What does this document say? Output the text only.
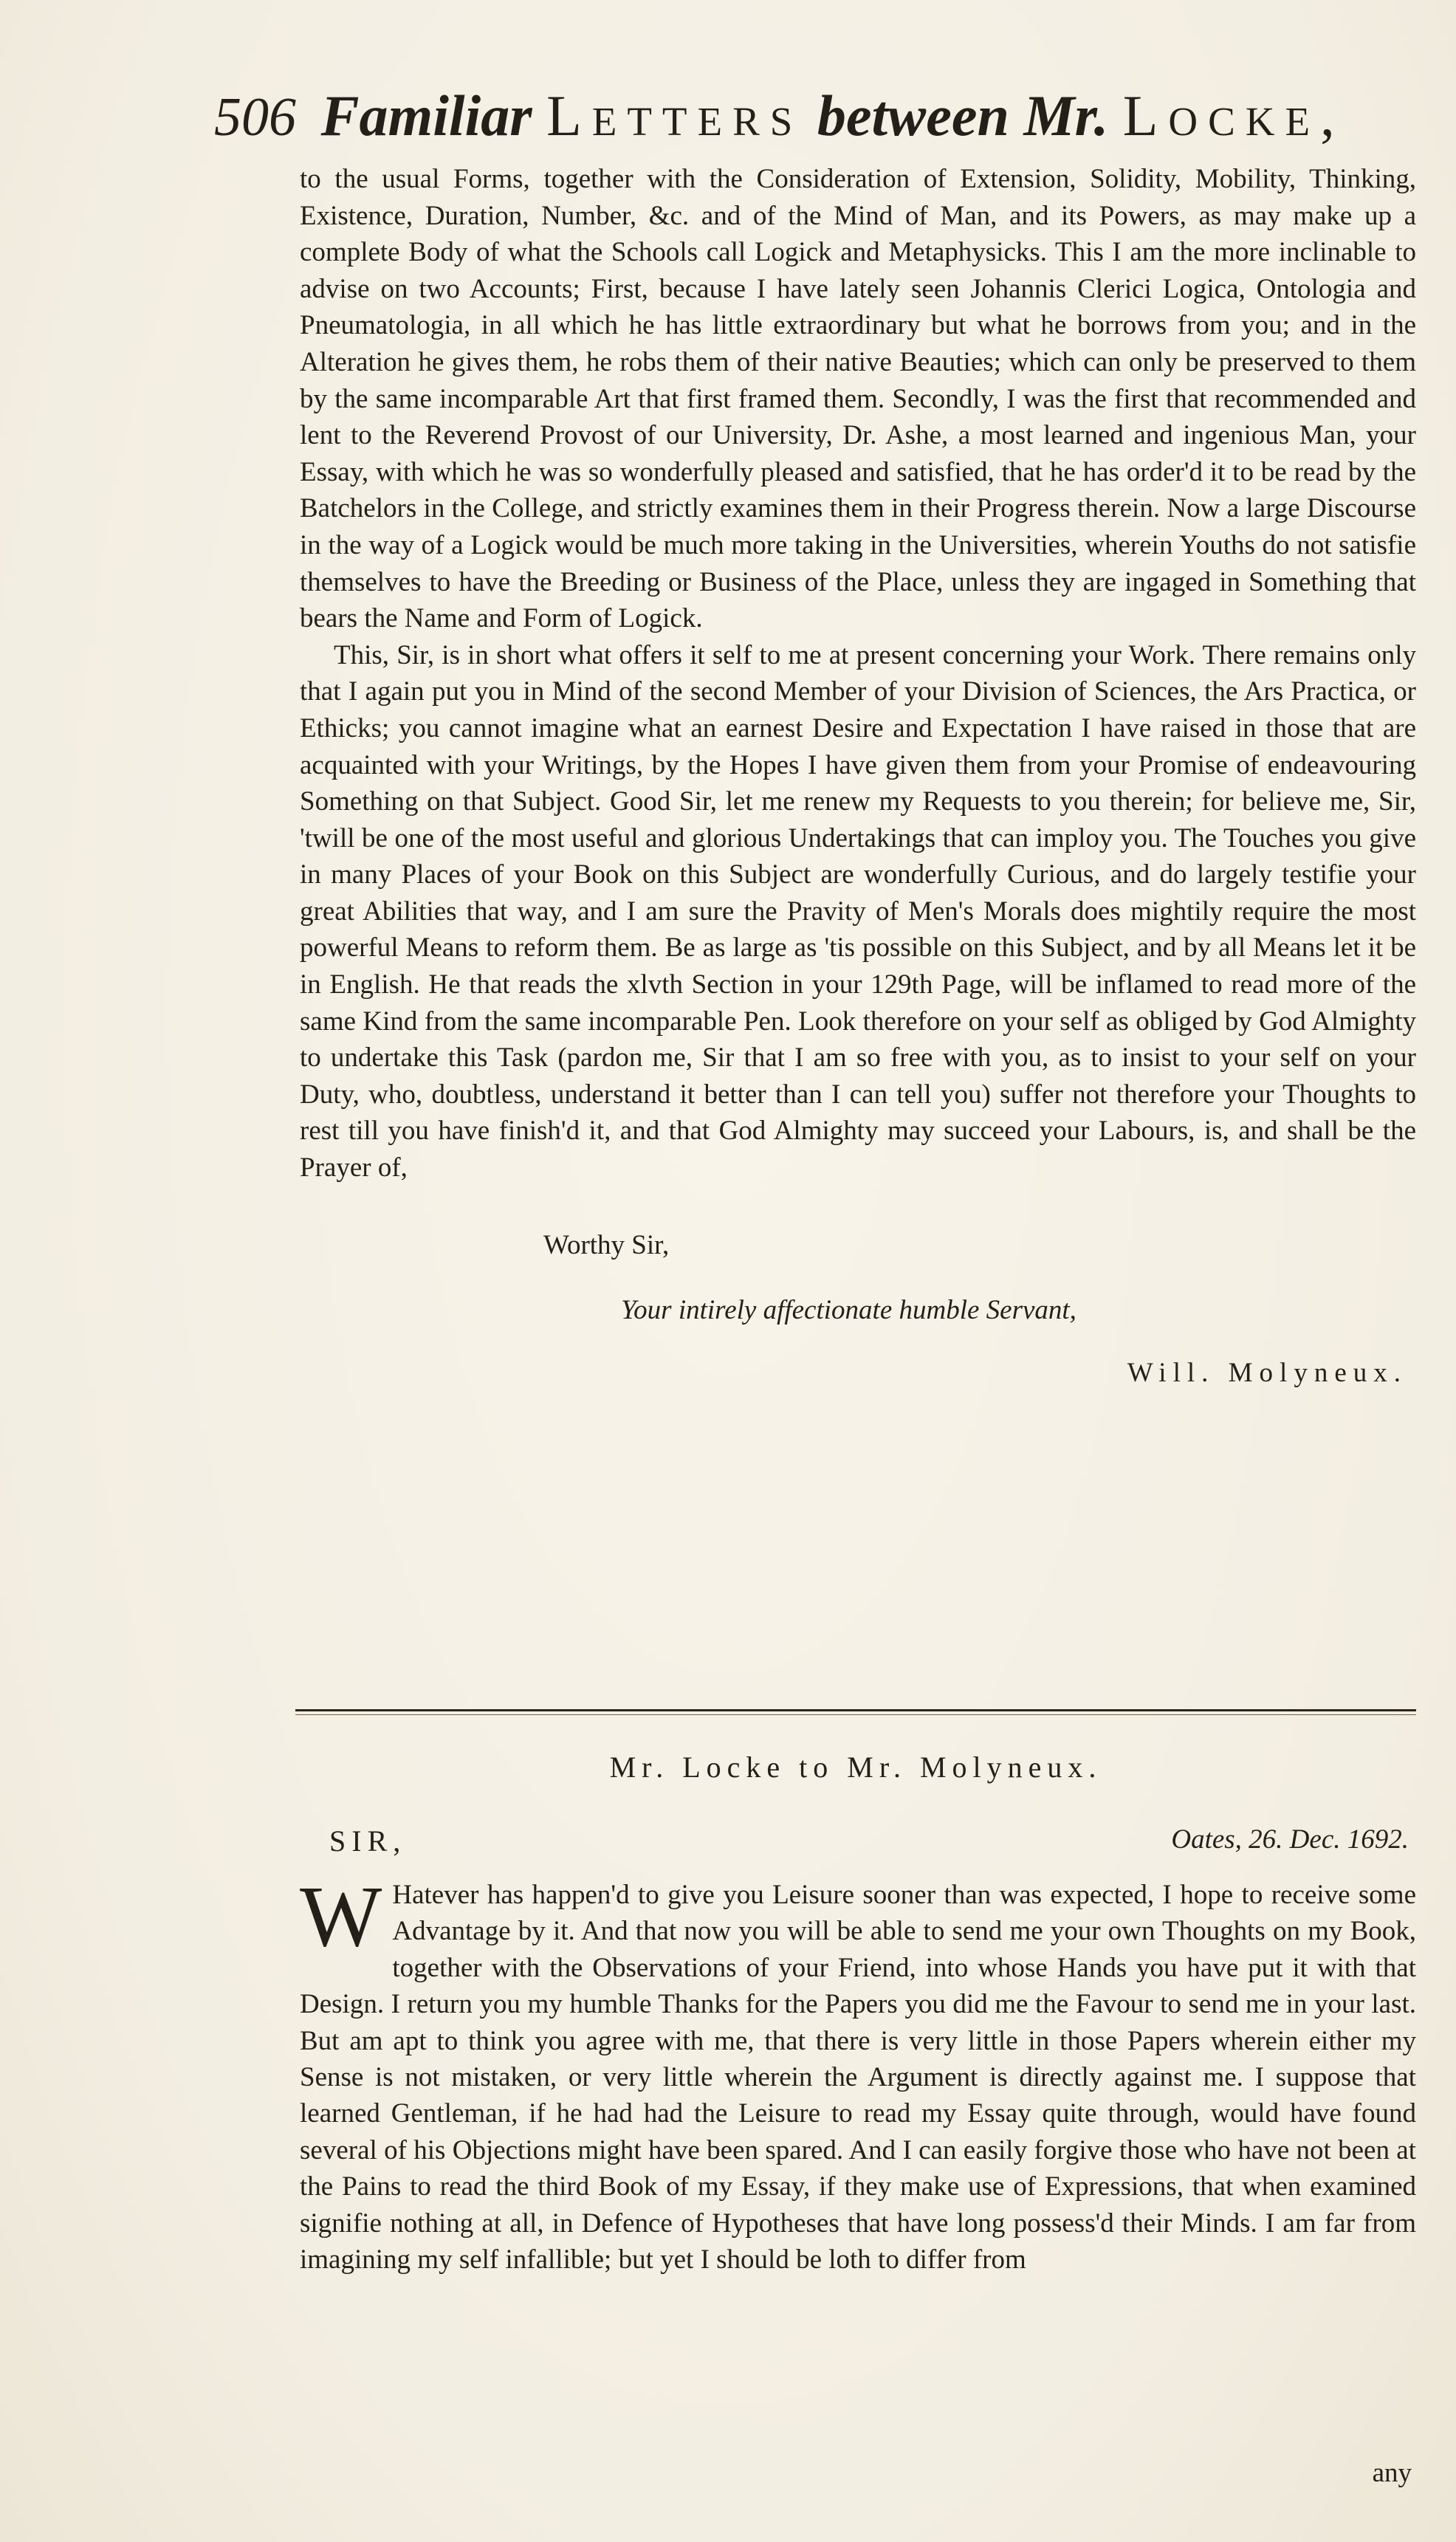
506 Familiar Letters between Mr. Locke,

to the usual Forms, together with the Consideration of Extension, Solidity, Mobility, Thinking, Existence, Duration, Number, &c. and of the Mind of Man, and its Powers, as may make up a complete Body of what the Schools call Logick and Metaphysicks. This I am the more inclinable to advise on two Accounts; First, because I have lately seen Johannis Clerici Logica, Ontologia and Pneumatologia, in all which he has little extraordinary but what he borrows from you; and in the Alteration he gives them, he robs them of their native Beauties; which can only be preserved to them by the same incomparable Art that first framed them. Secondly, I was the first that recommended and lent to the Reverend Provost of our University, Dr. Ashe, a most learned and ingenious Man, your Essay, with which he was so wonderfully pleased and satisfied, that he has order'd it to be read by the Batchelors in the College, and strictly examines them in their Progress therein. Now a large Discourse in the way of a Logick would be much more taking in the Universities, wherein Youths do not satisfie themselves to have the Breeding or Business of the Place, unless they are ingaged in Something that bears the Name and Form of Logick.

This, Sir, is in short what offers it self to me at present concerning your Work. There remains only that I again put you in Mind of the second Member of your Division of Sciences, the Ars Practica, or Ethicks; you cannot imagine what an earnest Desire and Expectation I have raised in those that are acquainted with your Writings, by the Hopes I have given them from your Promise of endeavouring Something on that Subject. Good Sir, let me renew my Requests to you therein; for believe me, Sir, 'twill be one of the most useful and glorious Undertakings that can imploy you. The Touches you give in many Places of your Book on this Subject are wonderfully Curious, and do largely testifie your great Abilities that way, and I am sure the Pravity of Men's Morals does mightily require the most powerful Means to reform them. Be as large as 'tis possible on this Subject, and by all Means let it be in English. He that reads the xlvth Section in your 129th Page, will be inflamed to read more of the same Kind from the same incomparable Pen. Look therefore on your self as obliged by God Almighty to undertake this Task (pardon me, Sir that I am so free with you, as to insist to your self on your Duty, who, doubtless, understand it better than I can tell you) suffer not therefore your Thoughts to rest till you have finish'd it, and that God Almighty may succeed your Labours, is, and shall be the Prayer of,

Worthy Sir,
Your intirely affectionate humble Servant,
Will. Molyneux.
Mr. Locke to Mr. Molyneux.
SIR,	Oates, 26. Dec. 1692.
W Hatever has happen'd to give you Leisure sooner than was expected, I hope to receive some Advantage by it. And that now you will be able to send me your own Thoughts on my Book, together with the Observations of your Friend, into whose Hands you have put it with that Design. I return you my humble Thanks for the Papers you did me the Favour to send me in your last. But am apt to think you agree with me, that there is very little in those Papers wherein either my Sense is not mistaken, or very little wherein the Argument is directly against me. I suppose that learned Gentleman, if he had had the Leisure to read my Essay quite through, would have found several of his Objections might have been spared. And I can easily forgive those who have not been at the Pains to read the third Book of my Essay, if they make use of Expressions, that when examined signifie nothing at all, in Defence of Hypotheses that have long possess'd their Minds. I am far from imagining my self infallible; but yet I should be loth to differ from
any
